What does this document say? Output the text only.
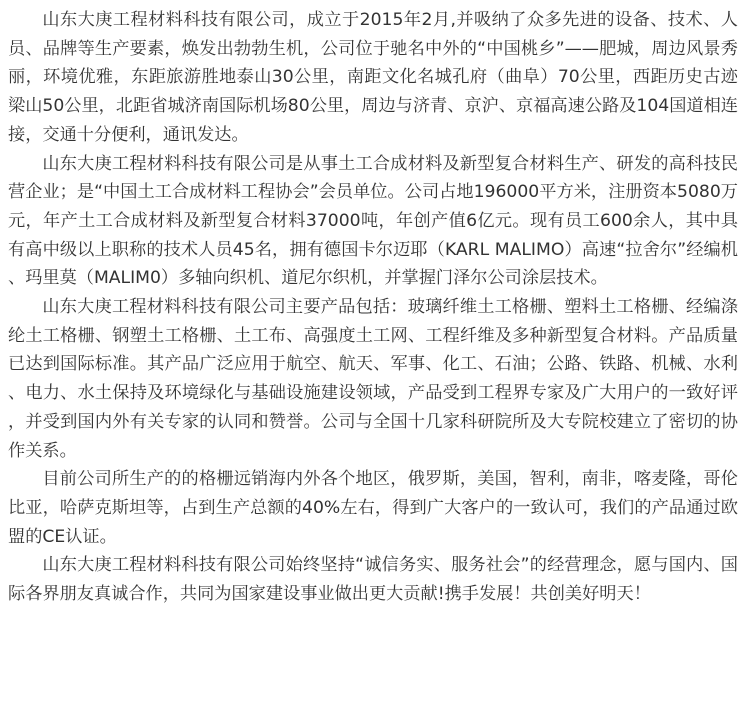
山东大庚工程材料科技有限公司，成立于2015年2月,并吸纳了众多先进的设备、技术、人员、品牌等生产要素，焕发出勃勃生机，公司位于驰名中外的“中国桃乡”——肥城，周边风景秀丽，环境优雅，东距旅游胜地泰山30公里，南距文化名城孔府（曲阜）70公里，西距历史古迹梁山50公里，北距省城济南国际机场80公里，周边与济青、京沪、京福高速公路及104国道相连接，交通十分便利，通讯发达。

山东大庚工程材料科技有限公司是从事土工合成材料及新型复合材料生产、研发的高科技民营企业；是“中国土工合成材料工程协会”会员单位。公司占地196000平方米，注册资本5080万元，年产土工合成材料及新型复合材料37000吨，年创产值6亿元。现有员工600余人，其中具有高中级以上职称的技术人员45名，拥有德国卡尔迈耶（KARL MALIMO）高速“拉舍尔”经编机、玛里莫（MALIM0）多轴向织机、道尼尔织机，并掌握门泽尔公司涂层技术。

山东大庚工程材料科技有限公司主要产品包括：玻璃纤维土工格栅、塑料土工格栅、经编涤纶土工格栅、钢塑土工格栅、土工布、高强度土工网、工程纤维及多种新型复合材料。产品质量已达到国际标准。其产品广泛应用于航空、航天、军事、化工、石油；公路、铁路、机械、水利、电力、水土保持及环境绿化与基础设施建设领域，产品受到工程界专家及广大用户的一致好评，并受到国内外有关专家的认同和赞誉。公司与全国十几家科研院所及大专院校建立了密切的协作关系。

目前公司所生产的的格栅远销海内外各个地区，俄罗斯，美国，智利，南非，喀麦隆，哥伦比亚，哈萨克斯坦等，占到生产总额的40%左右，得到广大客户的一致认可，我们的产品通过欧盟的CE认证。

山东大庚工程材料科技有限公司始终坚持“诚信务实、服务社会”的经营理念，愿与国内、国际各界朋友真诚合作，共同为国家建设事业做出更大贡献!携手发展！共创美好明天！
